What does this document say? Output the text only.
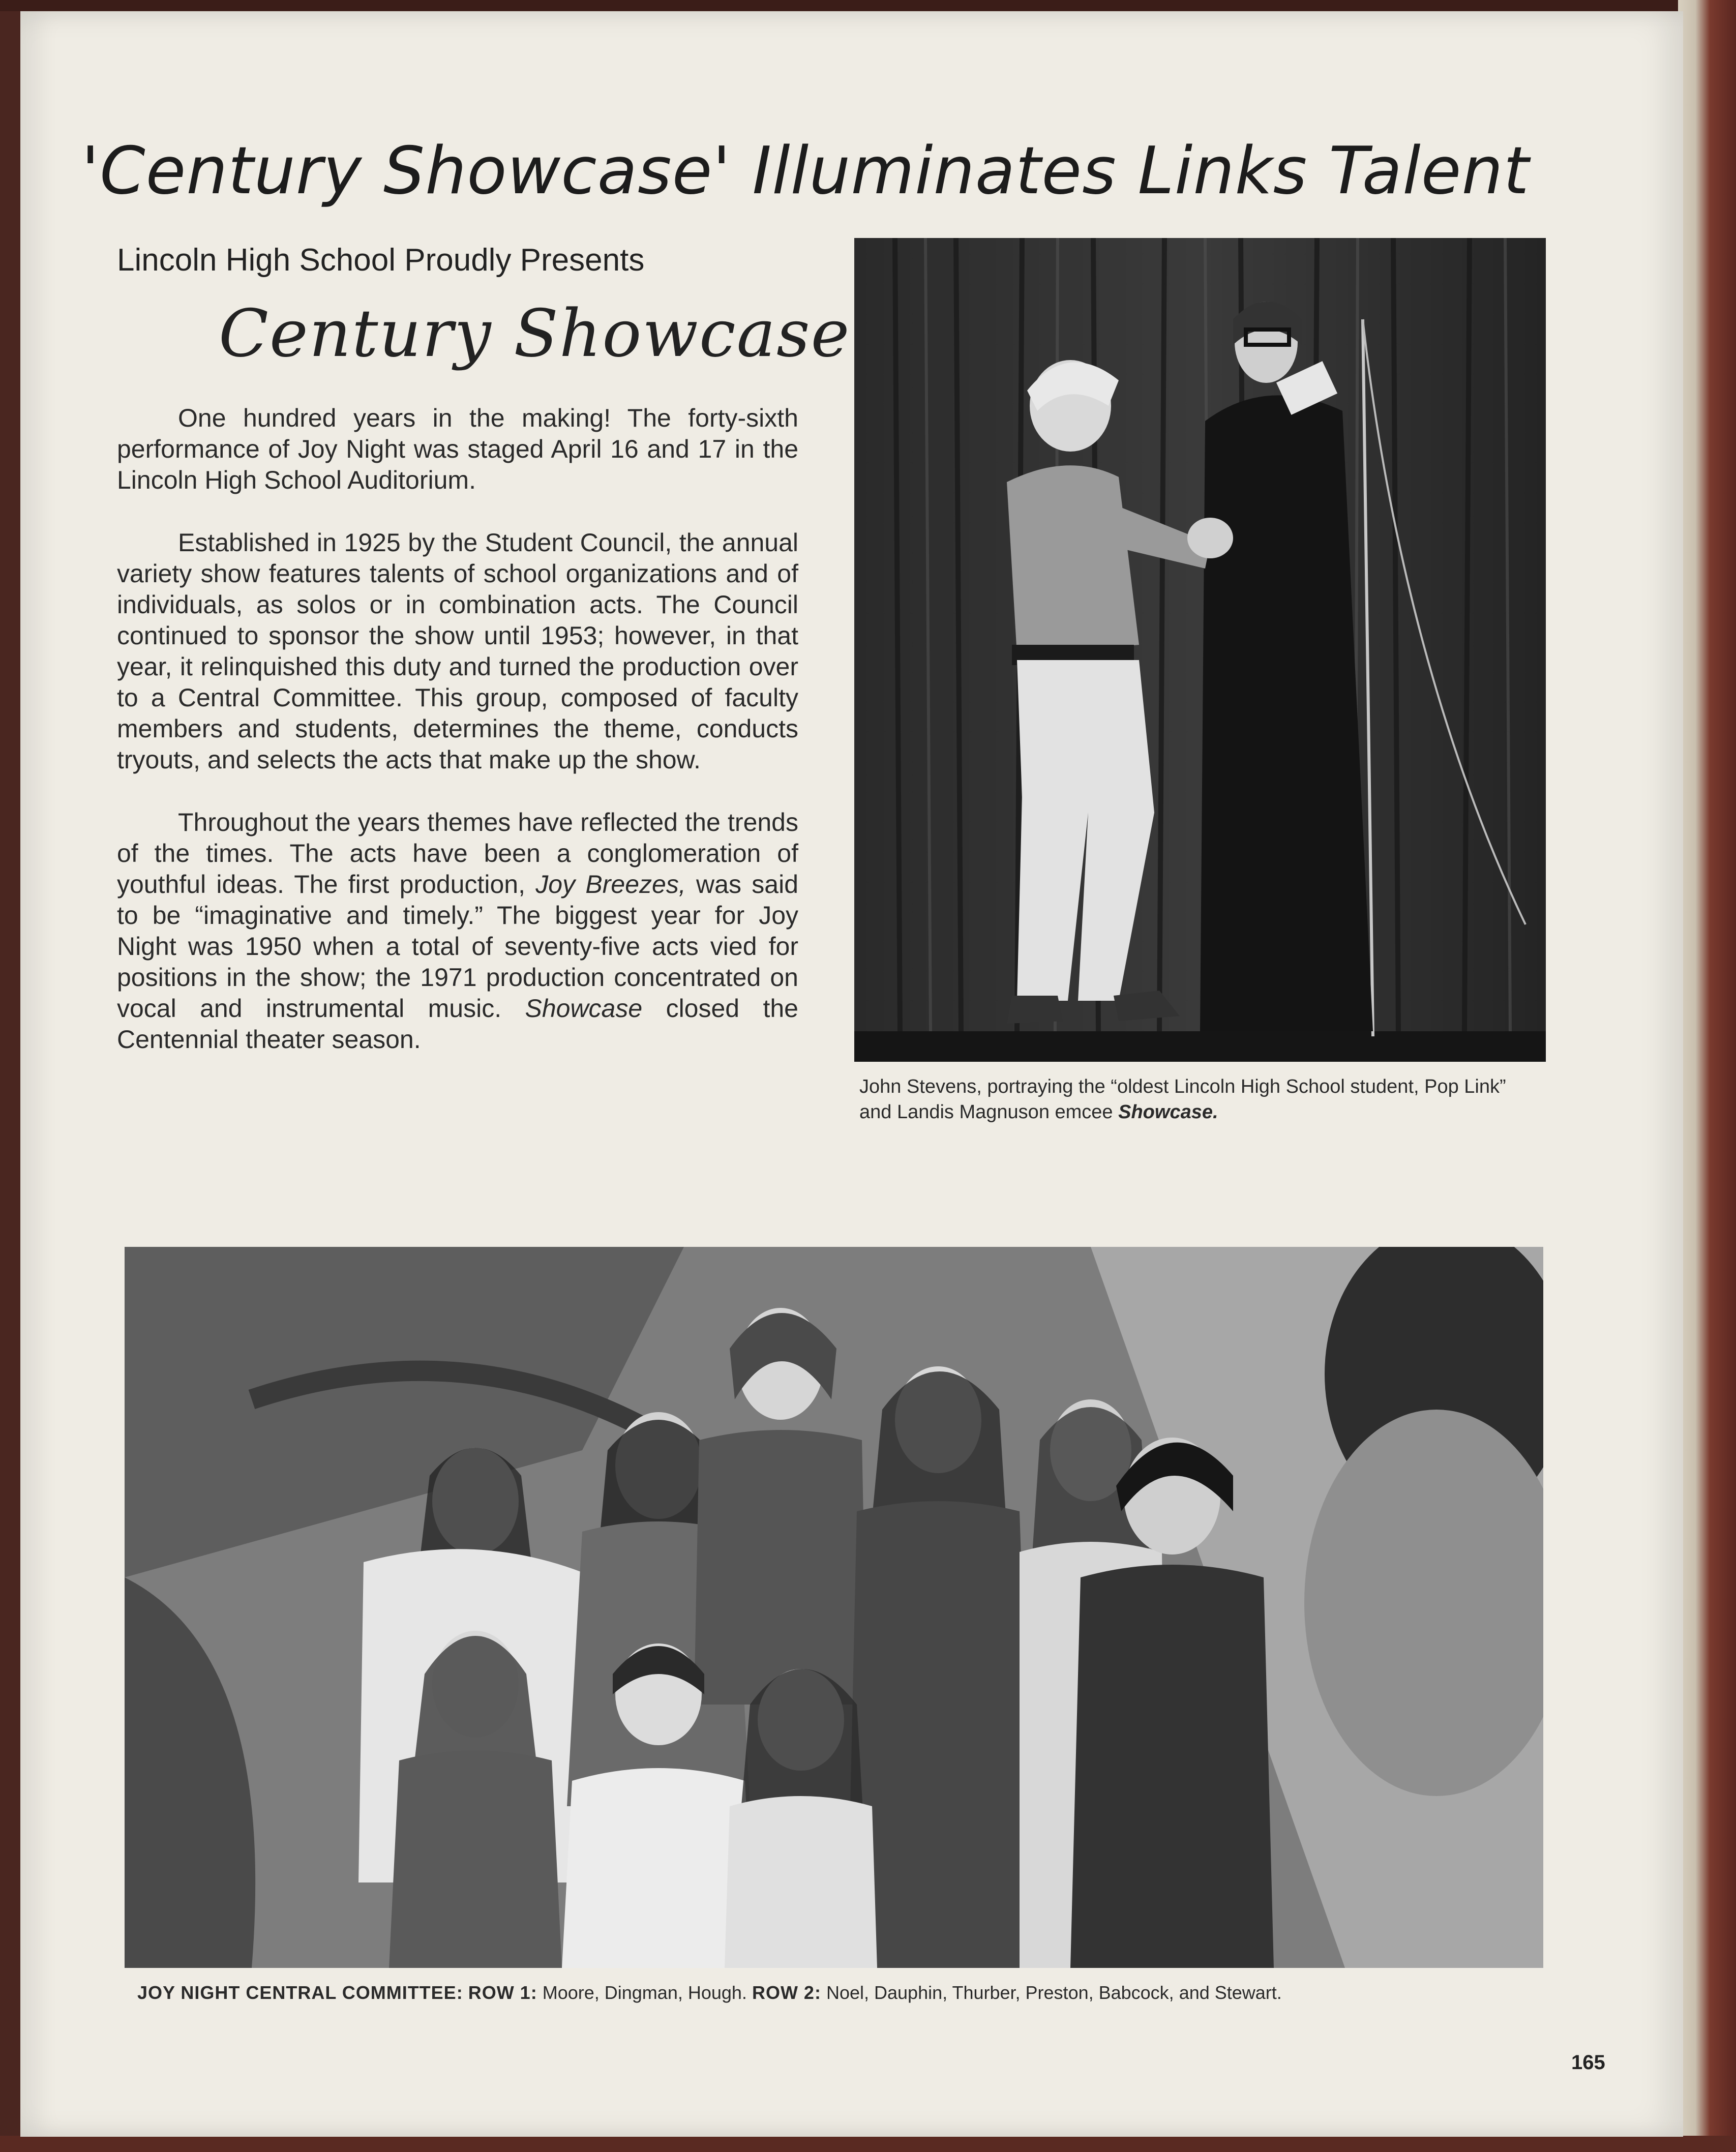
'Century Showcase' Illuminates Links Talent
Lincoln High School Proudly Presents
Century Showcase

One hundred years in the making! The forty-sixth performance of Joy Night was staged April 16 and 17 in the Lincoln High School Auditorium.

Established in 1925 by the Student Council, the annual variety show features talents of school organizations and of individuals, as solos or in combination acts. The Council continued to sponsor the show until 1953; however, in that year, it relinquished this duty and turned the production over to a Central Committee. This group, composed of faculty members and students, determines the theme, conducts tryouts, and selects the acts that make up the show.

Throughout the years themes have reflected the trends of the times. The acts have been a conglomeration of youthful ideas. The first production, Joy Breezes, was said to be “imaginative and timely.” The biggest year for Joy Night was 1950 when a total of seventy-five acts vied for positions in the show; the 1971 production concentrated on vocal and instrumental music. Showcase closed the Centennial theater season.

John Stevens, portraying the “oldest Lincoln High School student, Pop Link” and Landis Magnuson emcee Showcase.
JOY NIGHT CENTRAL COMMITTEE: ROW 1: Moore, Dingman, Hough. ROW 2: Noel, Dauphin, Thurber, Preston, Babcock, and Stewart.
165
